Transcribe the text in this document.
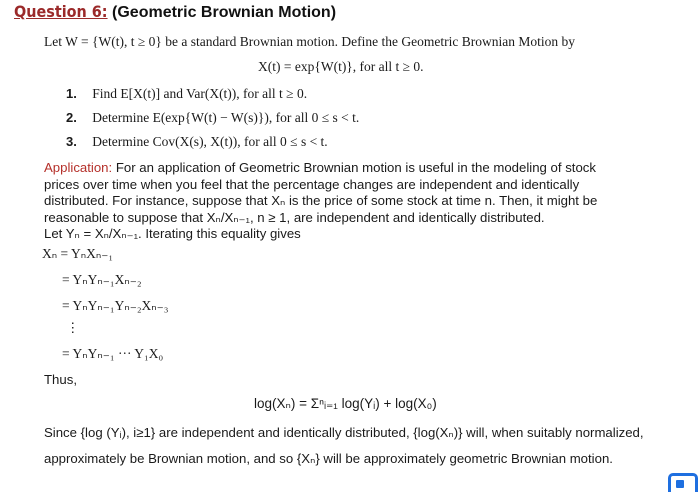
Question 6: (Geometric Brownian Motion)
Let W = {W(t), t ≥ 0} be a standard Brownian motion. Define the Geometric Brownian Motion by
X(t) = exp{W(t)}, for all t ≥ 0.
1. Find E[X(t)] and Var(X(t)), for all t ≥ 0.
2. Determine E(exp{W(t) − W(s)}), for all 0 ≤ s < t.
3. Determine Cov(X(s), X(t)), for all 0 ≤ s < t.
Application: For an application of Geometric Brownian motion is useful in the modeling of stock
prices over time when you feel that the percentage changes are independent and identically
distributed. For instance, suppose that Xₙ is the price of some stock at time n. Then, it might be
reasonable to suppose that Xₙ/Xₙ₋₁, n ≥ 1, are independent and identically distributed.
Let Yₙ = Xₙ/Xₙ₋₁. Iterating this equality gives
Xₙ = YₙXₙ₋₁
= YₙYₙ₋₁Xₙ₋₂
= YₙYₙ₋₁Yₙ₋₂Xₙ₋₃
⋮
= YₙYₙ₋₁ ··· Y₁X₀
Thus,
log(Xₙ) = Σⁿᵢ₌₁ log(Yᵢ) + log(X₀)
Since {log (Yᵢ), i≥1} are independent and identically distributed, {log(Xₙ)} will, when suitably normalized, approximately be Brownian motion, and so {Xₙ} will be approximately geometric Brownian motion.
